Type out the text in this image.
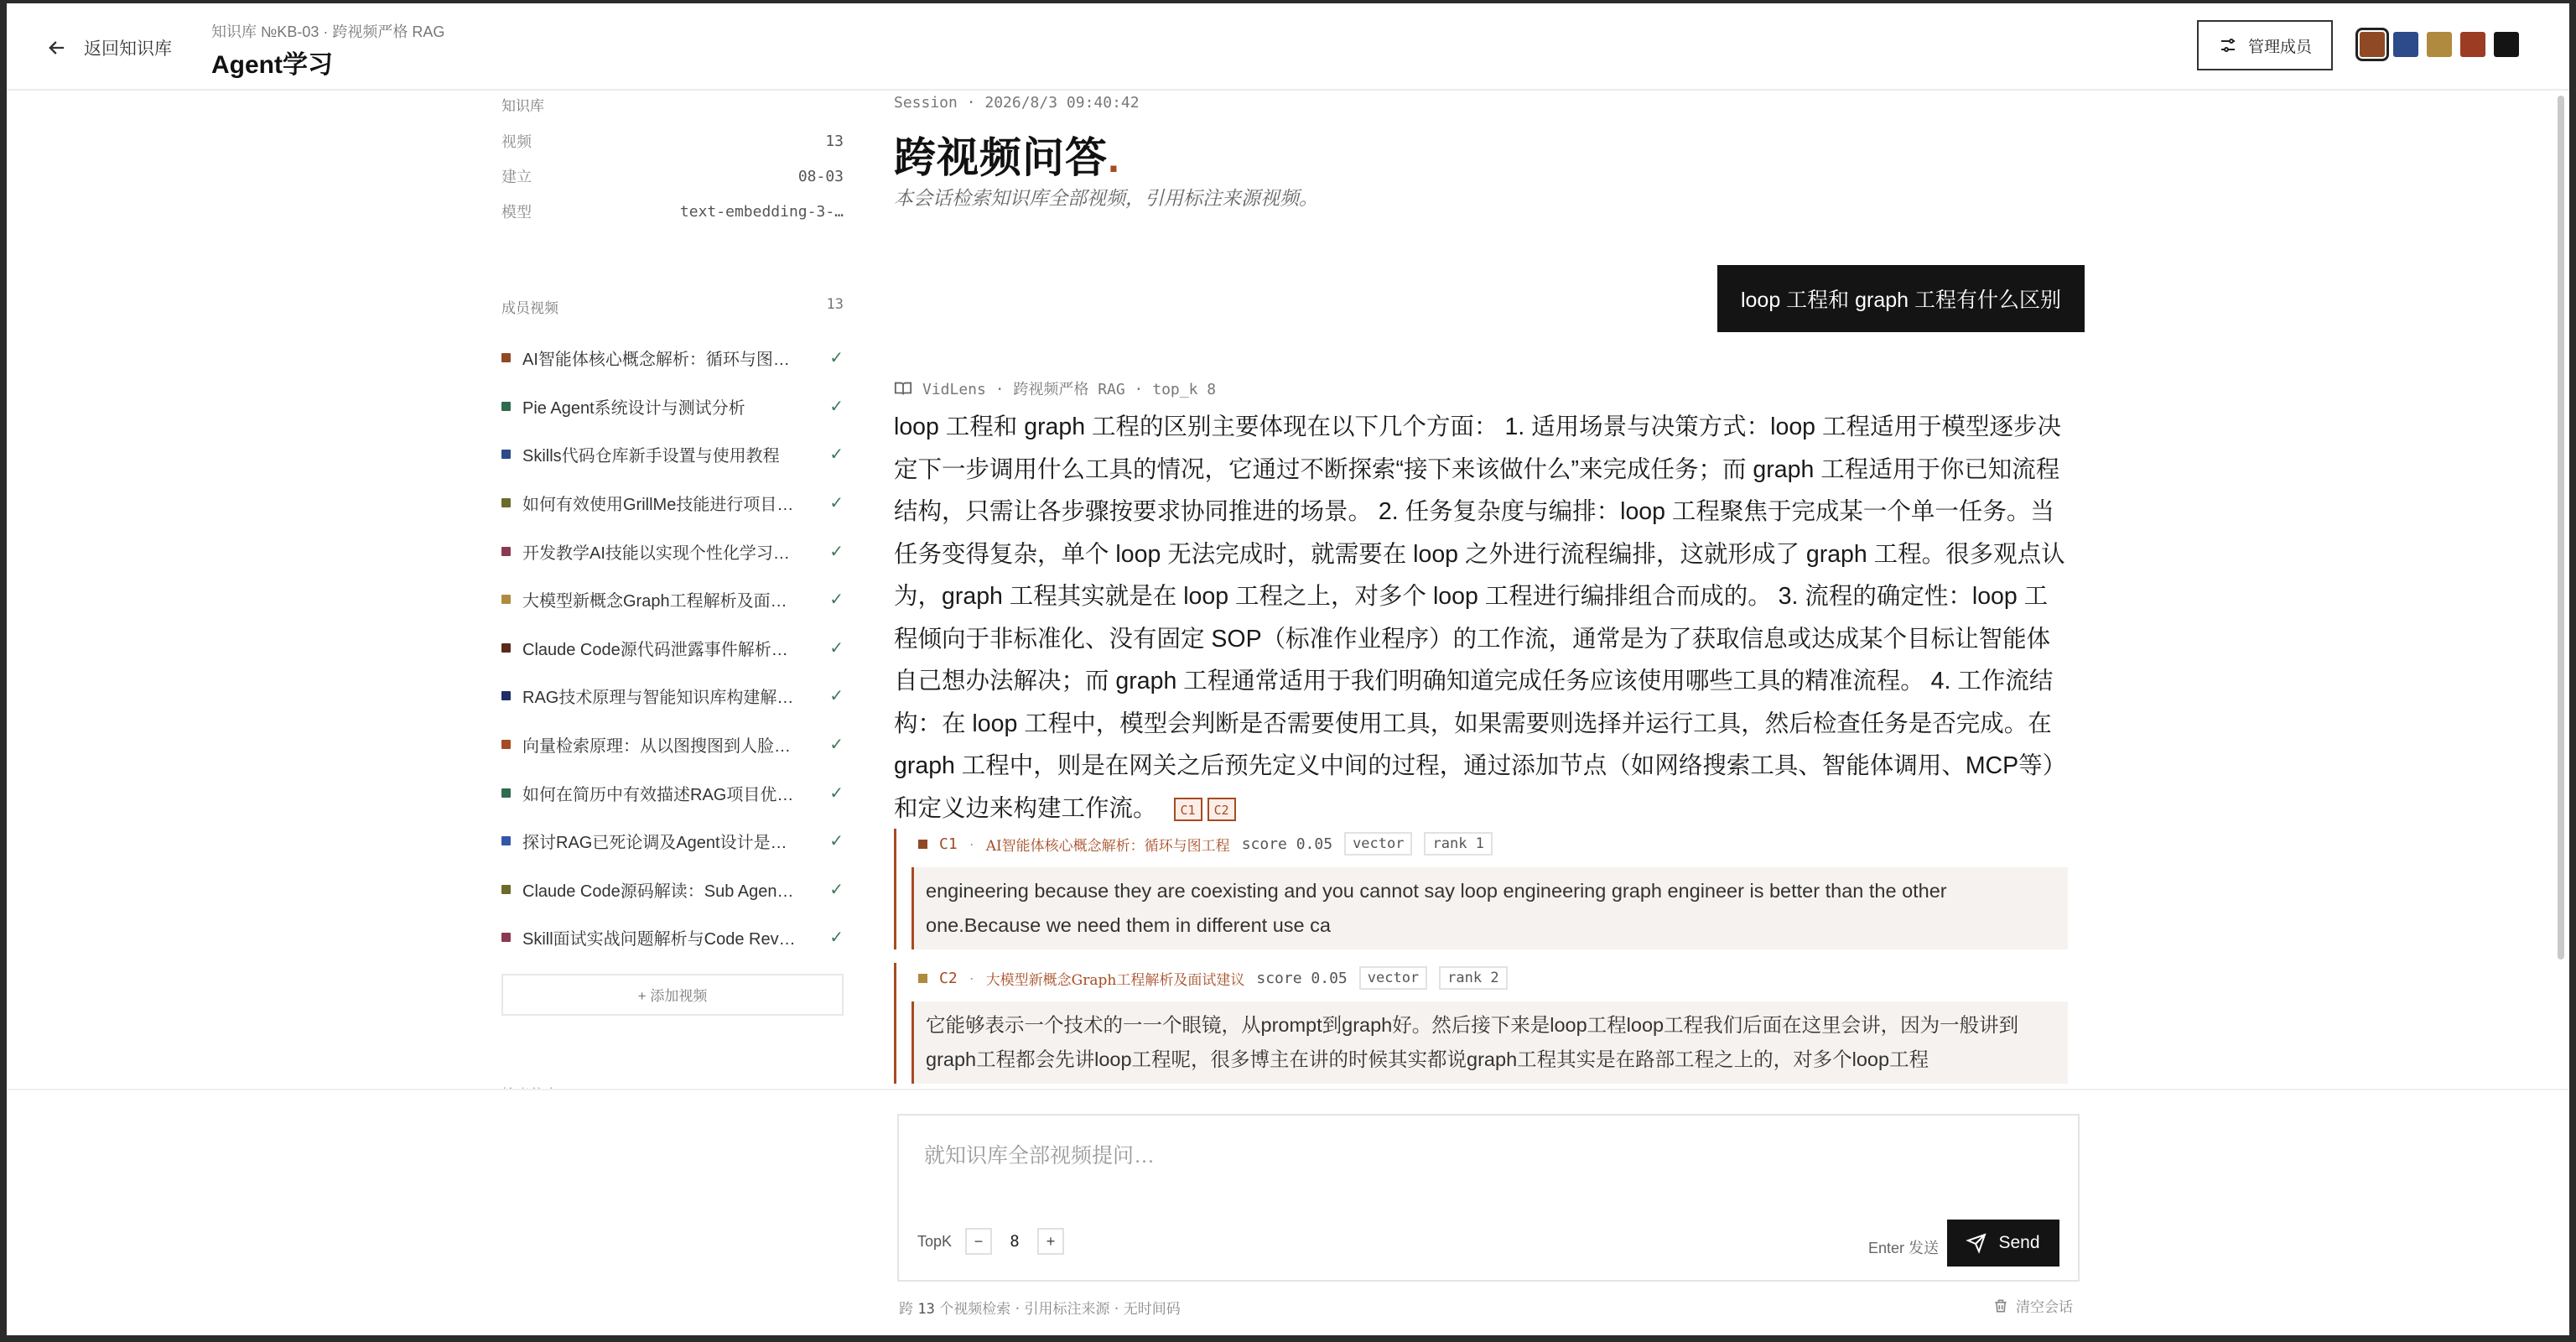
返回知识库
知识库 №KB-03 · 跨视频严格 RAG
Agent学习
管理成员
知识库
视频	13
建立	08-03
模型	text-embedding-3-…
成员视频	13
AI智能体核心概念解析：循环与图…	✓
Pie Agent系统设计与测试分析	✓
Skills代码仓库新手设置与使用教程	✓
如何有效使用GrillMe技能进行项目…	✓
开发教学AI技能以实现个性化学习…	✓
大模型新概念Graph工程解析及面…	✓
Claude Code源代码泄露事件解析…	✓
RAG技术原理与智能知识库构建解…	✓
向量检索原理：从以图搜图到人脸…	✓
如何在简历中有效描述RAG项目优…	✓
探讨RAG已死论调及Agent设计是…	✓
Claude Code源码解读：Sub Agen…	✓
Skill面试实战问题解析与Code Rev…	✓
+ 添加视频
Session · 2026/8/3 09:40:42
跨视频问答.
本会话检索知识库全部视频，引用标注来源视频。
loop 工程和 graph 工程有什么区别
VidLens · 跨视频严格 RAG · top_k 8
loop 工程和 graph 工程的区别主要体现在以下几个方面： 1. 适用场景与决策方式：loop 工程适用于模型逐步决定下一步调用什么工具的情况，它通过不断探索“接下来该做什么”来完成任务；而 graph 工程适用于你已知流程结构，只需让各步骤按要求协同推进的场景。 2. 任务复杂度与编排：loop 工程聚焦于完成某一个单一任务。当任务变得复杂，单个 loop 无法完成时，就需要在 loop 之外进行流程编排，这就形成了 graph 工程。很多观点认为，graph 工程其实就是在 loop 工程之上，对多个 loop 工程进行编排组合而成的。 3. 流程的确定性：loop 工程倾向于非标准化、没有固定 SOP（标准作业程序）的工作流，通常是为了获取信息或达成某个目标让智能体自己想办法解决；而 graph 工程通常适用于我们明确知道完成任务应该使用哪些工具的精准流程。 4. 工作流结构：在 loop 工程中，模型会判断是否需要使用工具，如果需要则选择并运行工具，然后检查任务是否完成。在 graph 工程中，则是在网关之后预先定义中间的过程，通过添加节点（如网络搜索工具、智能体调用、MCP等）和定义边来构建工作流。 C1 C2
C1 · AI智能体核心概念解析：循环与图工程 score 0.05	vector	rank 1
engineering because they are coexisting and you cannot say loop engineering graph engineer is better than the other one.Because we need them in different use ca
C2 · 大模型新概念Graph工程解析及面试建议 score 0.05	vector	rank 2
它能够表示一个技术的一一个眼镜，从prompt到graph好。然后接下来是loop工程loop工程我们后面在这里会讲，因为一般讲到graph工程都会先讲loop工程呢，很多博主在讲的时候其实都说graph工程其实是在路部工程之上的，对多个loop工程
就知识库全部视频提问…
TopK	−	8	+	Enter 发送	Send
跨 13 个视频检索 · 引用标注来源 · 无时间码	清空会话
